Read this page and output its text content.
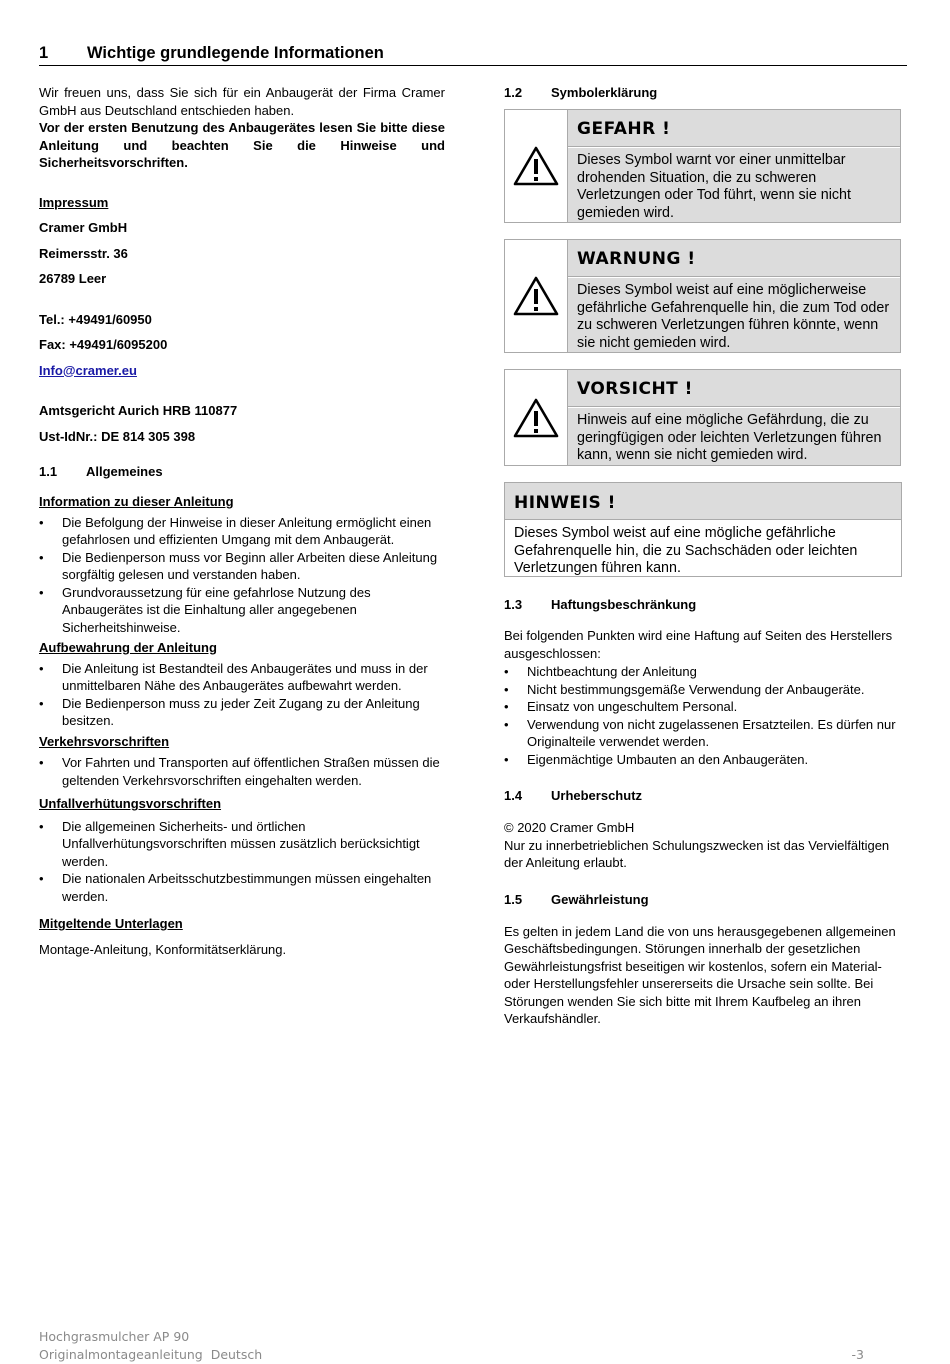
1 Wichtige grundlegende Informationen

Wir freuen uns, dass Sie sich für ein Anbaugerät der Firma Cramer GmbH aus Deutschland entschieden haben.

Vor der ersten Benutzung des Anbaugerätes lesen Sie bitte diese Anleitung und beachten Sie die Hinweise und Sicherheitsvorschriften.

Impressum

Cramer GmbH

Reimersstr. 36

26789 Leer

Tel.: +49491/60950

Fax: +49491/6095200

Info@cramer.eu

Amtsgericht Aurich HRB 110877

Ust-IdNr.: DE 814 305 398

1.1 Allgemeines

Information zu dieser Anleitung

• Die Befolgung der Hinweise in dieser Anleitung ermöglicht einen gefahrlosen und effizienten Umgang mit dem Anbaugerät.
• Die Bedienperson muss vor Beginn aller Arbeiten diese Anleitung sorgfältig gelesen und verstanden haben.
• Grundvoraussetzung für eine gefahrlose Nutzung des Anbaugerätes ist die Einhaltung aller angegebenen Sicherheitshinweise.

Aufbewahrung der Anleitung

• Die Anleitung ist Bestandteil des Anbaugerätes und muss in der unmittelbaren Nähe des Anbaugerätes aufbewahrt werden.
• Die Bedienperson muss zu jeder Zeit Zugang zu der Anleitung besitzen.

Verkehrsvorschriften

• Vor Fahrten und Transporten auf öffentlichen Straßen müssen die geltenden Verkehrsvorschriften eingehalten werden.

Unfallverhütungsvorschriften

• Die allgemeinen Sicherheits- und örtlichen Unfallverhütungsvorschriften müssen zusätzlich berücksichtigt werden.
• Die nationalen Arbeitsschutzbestimmungen müssen eingehalten werden.

Mitgeltende Unterlagen

Montage-Anleitung, Konformitätserklärung.

1.2 Symbolerklärung
GEFAHR !
Dieses Symbol warnt vor einer unmittelbar drohenden Situation, die zu schweren Verletzungen oder Tod führt, wenn sie nicht gemieden wird.
WARNUNG !
Dieses Symbol weist auf eine möglicherweise gefährliche Gefahrenquelle hin, die zum Tod oder zu schweren Verletzungen führen könnte, wenn sie nicht gemieden wird.
VORSICHT !
Hinweis auf eine mögliche Gefährdung, die zu geringfügigen oder leichten Verletzungen führen kann, wenn sie nicht gemieden wird.
HINWEIS !
Dieses Symbol weist auf eine mögliche gefährliche Gefahrenquelle hin, die zu Sachschäden oder leichten Verletzungen führen kann.
1.3 Haftungsbeschränkung

Bei folgenden Punkten wird eine Haftung auf Seiten des Herstellers ausgeschlossen:

• Nichtbeachtung der Anleitung
• Nicht bestimmungsgemäße Verwendung der Anbaugeräte.
• Einsatz von ungeschultem Personal.
• Verwendung von nicht zugelassenen Ersatzteilen. Es dürfen nur Originalteile verwendet werden.
• Eigenmächtige Umbauten an den Anbaugeräten.
1.4 Urheberschutz

© 2020 Cramer GmbH

Nur zu innerbetrieblichen Schulungszwecken ist das Vervielfältigen der Anleitung erlaubt.

1.5 Gewährleistung

Es gelten in jedem Land die von uns herausgegebenen allgemeinen Geschäftsbedingungen. Störungen innerhalb der gesetzlichen Gewährleistungsfrist beseitigen wir kostenlos, sofern ein Material- oder Herstellungsfehler unsererseits die Ursache sein sollte. Bei Störungen wenden Sie sich bitte mit Ihrem Kaufbeleg an ihren Verkaufshändler.

Hochgrasmulcher AP 90
Originalmontageanleitung  Deutsch	-3
